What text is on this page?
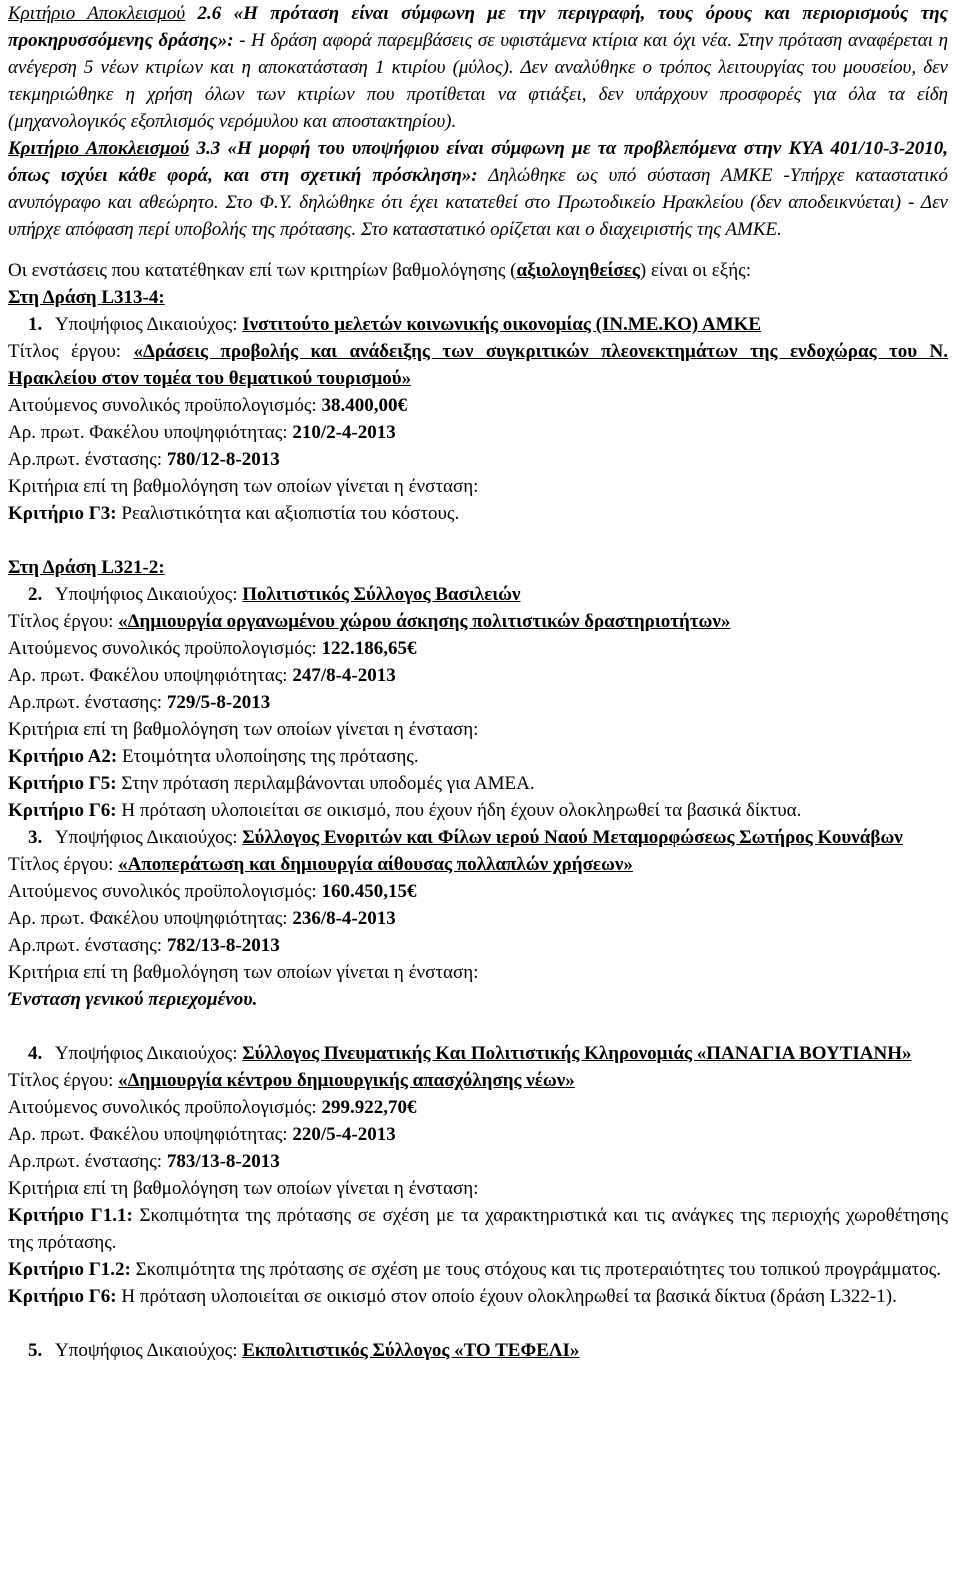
Κριτήριο Αποκλεισμού 2.6 «Η πρόταση είναι σύμφωνη με την περιγραφή, τους όρους και περιορισμούς της προκηρυσσόμενης δράσης»: - Η δράση αφορά παρεμβάσεις σε υφιστάμενα κτίρια και όχι νέα. Στην πρόταση αναφέρεται η ανέγερση 5 νέων κτιρίων και η αποκατάσταση 1 κτιρίου (μύλος). Δεν αναλύθηκε ο τρόπος λειτουργίας του μουσείου, δεν τεκμηριώθηκε η χρήση όλων των κτιρίων που προτίθεται να φτιάξει, δεν υπάρχουν προσφορές για όλα τα είδη (μηχανολογικός εξοπλισμός νερόμυλου και αποστακτηρίου).

Κριτήριο Αποκλεισμού 3.3 «Η μορφή του υποψήφιου είναι σύμφωνη με τα προβλεπόμενα στην ΚΥΑ 401/10-3-2010, όπως ισχύει κάθε φορά, και στη σχετική πρόσκληση»: Δηλώθηκε ως υπό σύσταση ΑΜΚΕ -Υπήρχε καταστατικό ανυπόγραφο και αθεώρητο. Στο Φ.Υ. δηλώθηκε ότι έχει κατατεθεί στο Πρωτοδικείο Ηρακλείου (δεν αποδεικνύεται) - Δεν υπήρχε απόφαση περί υποβολής της πρότασης. Στο καταστατικό ορίζεται και ο διαχειριστής της ΑΜΚΕ.

Οι ενστάσεις που κατατέθηκαν επί των κριτηρίων βαθμολόγησης (αξιολογηθείσες) είναι οι εξής:

Στη Δράση L313-4:

1. Υποψήφιος Δικαιούχος: Ινστιτούτο μελετών κοινωνικής οικονομίας (ΙΝ.ΜΕ.ΚΟ) ΑΜΚΕ

Τίτλος έργου: «Δράσεις προβολής και ανάδειξης των συγκριτικών πλεονεκτημάτων της ενδοχώρας του Ν. Ηρακλείου στον τομέα του θεματικού τουρισμού»

Αιτούμενος συνολικός προϋπολογισμός: 38.400,00€

Αρ. πρωτ. Φακέλου υποψηφιότητας: 210/2-4-2013

Αρ.πρωτ. ένστασης: 780/12-8-2013

Κριτήρια επί τη βαθμολόγηση των οποίων γίνεται η ένσταση:

Κριτήριο Γ3: Ρεαλιστικότητα και αξιοπιστία του κόστους.

Στη Δράση L321-2:

2. Υποψήφιος Δικαιούχος: Πολιτιστικός Σύλλογος Βασιλειών

Τίτλος έργου: «Δημιουργία οργανωμένου χώρου άσκησης πολιτιστικών δραστηριοτήτων»

Αιτούμενος συνολικός προϋπολογισμός: 122.186,65€

Αρ. πρωτ. Φακέλου υποψηφιότητας: 247/8-4-2013

Αρ.πρωτ. ένστασης: 729/5-8-2013

Κριτήρια επί τη βαθμολόγηση των οποίων γίνεται η ένσταση:

Κριτήριο Α2: Ετοιμότητα υλοποίησης της πρότασης.

Κριτήριο Γ5: Στην πρόταση περιλαμβάνονται υποδομές για ΑΜΕΑ.

Κριτήριο Γ6: Η πρόταση υλοποιείται σε οικισμό, που έχουν ήδη έχουν ολοκληρωθεί τα βασικά δίκτυα.

3. Υποψήφιος Δικαιούχος: Σύλλογος Ενοριτών και Φίλων ιερού Ναού Μεταμορφώσεως Σωτήρος Κουνάβων

Τίτλος έργου: «Αποπεράτωση και δημιουργία αίθουσας πολλαπλών χρήσεων»

Αιτούμενος συνολικός προϋπολογισμός: 160.450,15€

Αρ. πρωτ. Φακέλου υποψηφιότητας: 236/8-4-2013

Αρ.πρωτ. ένστασης: 782/13-8-2013

Κριτήρια επί τη βαθμολόγηση των οποίων γίνεται η ένσταση:

Ένσταση γενικού περιεχομένου.

4. Υποψήφιος Δικαιούχος: Σύλλογος Πνευματικής Και Πολιτιστικής Κληρονομιάς «ΠΑΝΑΓΙΑ ΒΟΥΤΙΑΝΗ»

Τίτλος έργου: «Δημιουργία κέντρου δημιουργικής απασχόλησης νέων»

Αιτούμενος συνολικός προϋπολογισμός: 299.922,70€

Αρ. πρωτ. Φακέλου υποψηφιότητας: 220/5-4-2013

Αρ.πρωτ. ένστασης: 783/13-8-2013

Κριτήρια επί τη βαθμολόγηση των οποίων γίνεται η ένσταση:

Κριτήριο Γ1.1: Σκοπιμότητα της πρότασης σε σχέση με τα χαρακτηριστικά και τις ανάγκες της περιοχής χωροθέτησης της πρότασης.

Κριτήριο Γ1.2: Σκοπιμότητα της πρότασης σε σχέση με τους στόχους και τις προτεραιότητες του τοπικού προγράμματος.

Κριτήριο Γ6: Η πρόταση υλοποιείται σε οικισμό στον οποίο έχουν ολοκληρωθεί τα βασικά δίκτυα (δράση L322-1).

5. Υποψήφιος Δικαιούχος: Εκπολιτιστικός Σύλλογος «ΤΟ ΤΕΦΕΛΙ»
